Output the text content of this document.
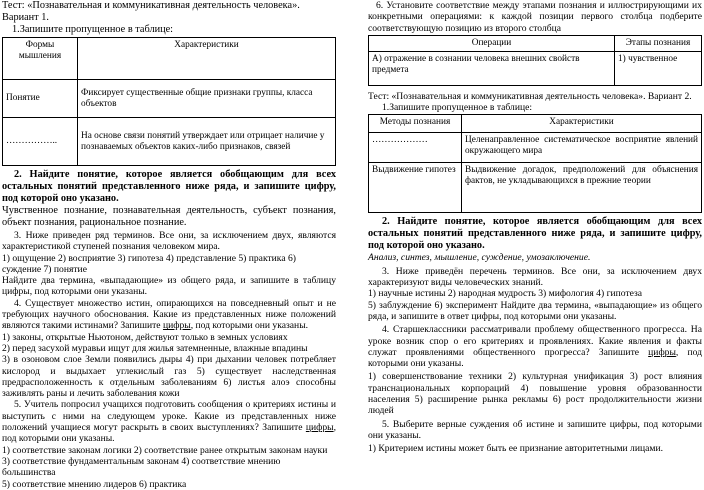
Тест: «Познавательная и коммуникативная деятельность человека». Вариант 1.

1.Запишите пропущенное в таблице:

Формы мышления	Характеристики
Понятие	Фиксирует существенные общие признаки группы, класса объектов
……………..	На основе связи понятий утверждает или отрицает наличие у познаваемых объектов каких-либо признаков, связей

2. Найдите понятие, которое является обобщающим для всех остальных понятий представленного ниже ряда, и запишите цифру, под которой оно указано.

Чувственное познание, познавательная деятельность, субъект познания, объект познания, рациональное познание.

3. Ниже приведен ряд терминов. Все они, за исключением двух, являются характеристикой ступеней познания человеком мира.

1) ощущение 2) восприятие 3) гипотеза 4) представление 5) практика 6) суждение 7) понятие

Найдите два термина, «выпадающие» из общего ряда, и запишите в таблицу цифры, под которыми они указаны.

4. Существует множество истин, опирающихся на повседневный опыт и не требующих научного обоснования. Какие из представленных ниже положений являются такими истинами? Запишите цифры, под которыми они указаны.

1) законы, открытые Ньютоном, действуют только в земных условиях

2) перед засухой муравьи ищут для жилья затемненные, влажные впадины

3) в озоновом слое Земли появились дыры 4) при дыхании человек потребляет кислород и выдыхает углекислый газ 5) существует наследственная предрасположенность к отдельным заболеваниям 6) листья алоэ способны заживлять раны и лечить заболевания кожи

5. Учитель попросил учащихся подготовить сообщения о критериях истины и выступить с ними на следующем уроке. Какие из представленных ниже положений учащиеся могут раскрыть в своих выступлениях? Запишите цифры, под которыми они указаны.

1) соответствие законам логики 2) соответствие ранее открытым законам науки

3) соответствие фундаментальным законам 4) соответствие мнению большинства

5) соответствие мнению лидеров 6) практика

6. Установите соответствие между этапами познания и иллюстрирующими их конкретными операциями: к каждой позиции первого столбца подберите соответствующую позицию из второго столбца

Операции	Этапы познания
А) отражение в сознании человека внешних свойств предмета	1) чувственное

Тест: «Познавательная и коммуникативная деятельность человека». Вариант 2.

1.Запишите пропущенное в таблице:

Методы познания	Характеристики
………………	Целенаправленное систематическое восприятие явлений окружающего мира
Выдвижение гипотез	Выдвижение догадок, предположений для объяснения фактов, не укладывающихся в прежние теории

2. Найдите понятие, которое является обобщающим для всех остальных понятий представленного ниже ряда, и запишите цифру, под которой оно указано.

Анализ, синтез, мышление, суждение, умозаключение.

3. Ниже приведён перечень терминов. Все они, за исключением двух характеризуют виды человеческих знаний.

1) научные истины 2) народная мудрость 3) мифология 4) гипотеза

5) заблуждение 6) эксперимент Найдите два термина, «выпадающие» из общего ряда, и запишите в ответ цифры, под которыми они указаны.

4. Старшеклассники рассматривали проблему общественного прогресса. На уроке возник спор о его критериях и проявлениях. Какие явления и факты служат проявлениями общественного прогресса? Запишите цифры, под которыми они указаны.

1) совершенствование техники 2) культурная унификация 3) рост влияния транснациональных корпораций 4) повышение уровня образованности населения 5) расширение рынка рекламы 6) рост продолжительности жизни людей

5. Выберите верные суждения об истине и запишите цифры, под которыми они указаны.

1) Критерием истины может быть ее признание авторитетными лицами.
